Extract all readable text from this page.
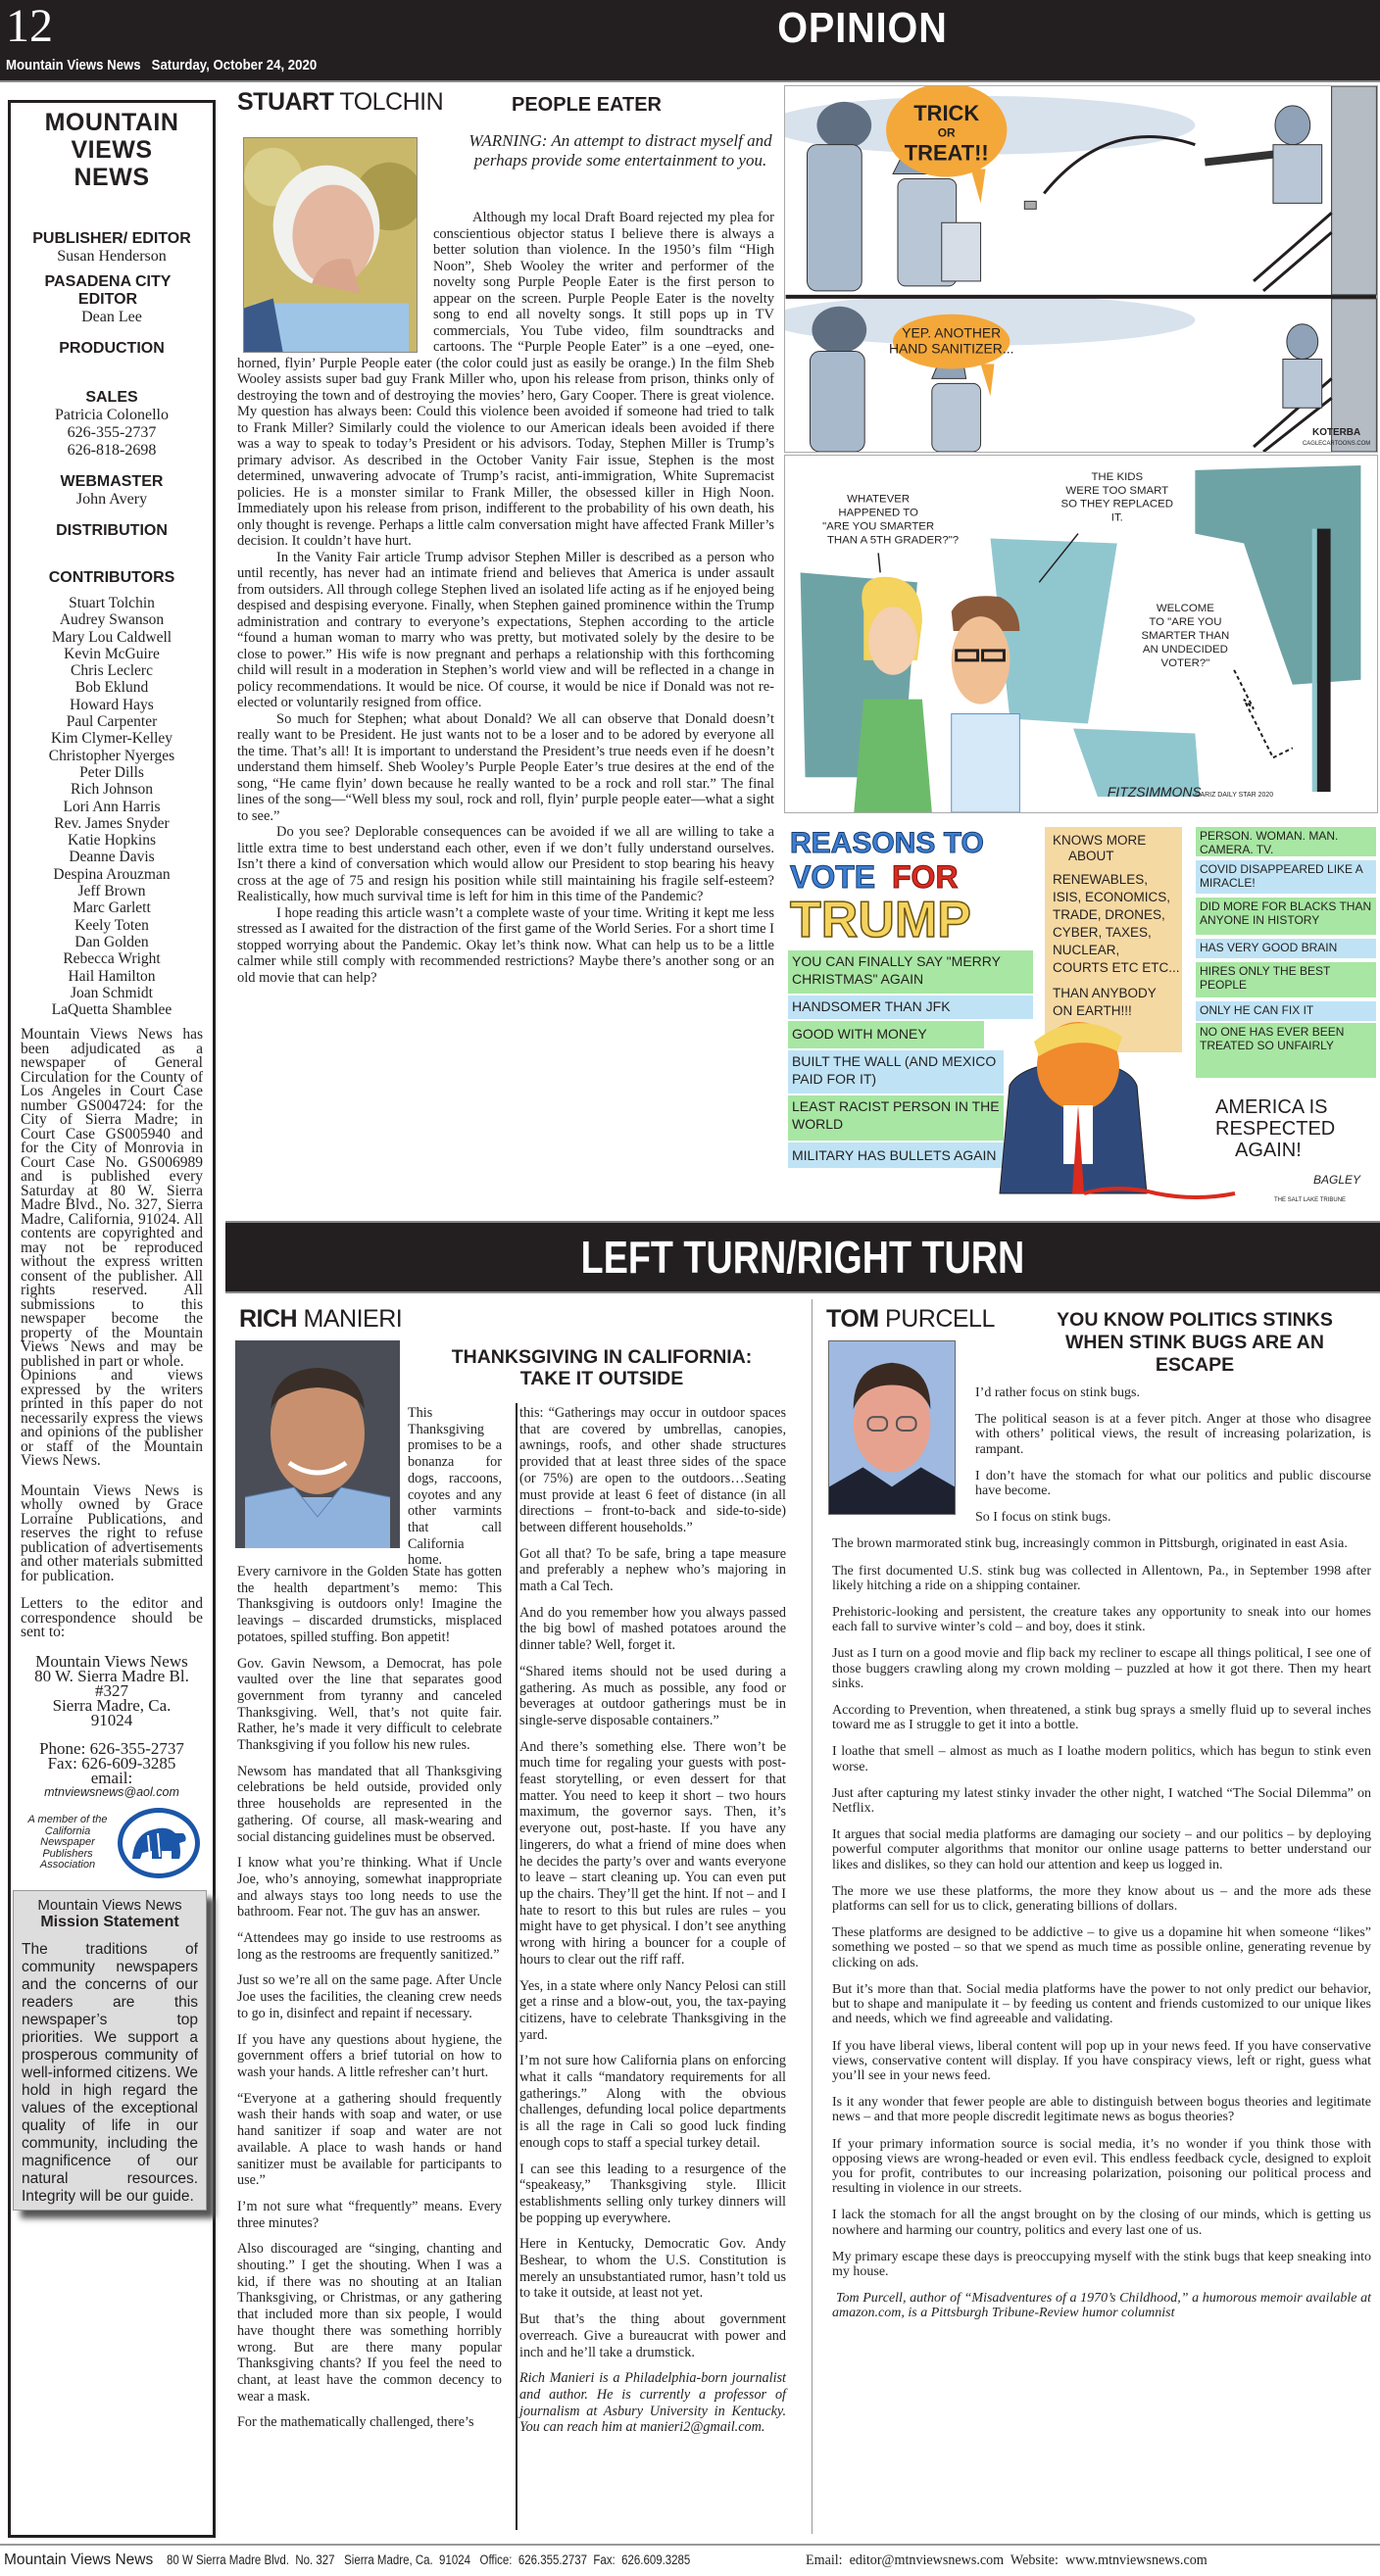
12
Mountain Views News   Saturday, October 24, 2020
OPINION
MOUNTAIN
VIEWS
NEWS
PUBLISHER/ EDITOR
Susan Henderson
PASADENA CITY EDITOR
Dean Lee
PRODUCTION
SALES
Patricia Colonello
626-355-2737
626-818-2698
WEBMASTER
John Avery
DISTRIBUTION
CONTRIBUTORS
Stuart Tolchin
Audrey Swanson
Mary Lou Caldwell
Kevin McGuire
Chris Leclerc
Bob Eklund
Howard Hays
Paul Carpenter
Kim Clymer-Kelley
Christopher Nyerges
Peter Dills
Rich Johnson
Lori Ann Harris
Rev. James Snyder
Katie Hopkins
Deanne Davis
Despina Arouzman
Jeff Brown
Marc Garlett
Keely Toten
Dan Golden
Rebecca Wright
Hail Hamilton
Joan Schmidt
LaQuetta Shamblee
Mountain Views News has been adjudicated as a newspaper of General Circulation for the County of Los Angeles in Court Case number GS004724: for the City of Sierra Madre; in Court Case GS005940 and for the City of Monrovia in Court Case No. GS006989 and is published every Saturday at 80 W. Sierra Madre Blvd., No. 327, Sierra Madre, California, 91024. All contents are copyrighted and may not be reproduced without the express written consent of the publisher. All rights reserved. All submissions to this newspaper become the property of the Mountain Views News and may be published in part or whole.
Opinions and views expressed by the writers printed in this paper do not necessarily express the views and opinions of the publisher or staff of the Mountain Views News.
Mountain Views News is wholly owned by Grace Lorraine Publications, and reserves the right to refuse publication of advertisements and other materials submitted for publication.
Letters to the editor and correspondence should be sent to:
Mountain Views News
80 W. Sierra Madre Bl.
#327
Sierra Madre, Ca.
91024
Phone: 626-355-2737
Fax: 626-609-3285
email:
mtnviewsnews@aol.com
A member of the California Newspaper Publishers Association
Mountain Views News
Mission Statement
The traditions of community newspapers and the concerns of our readers are this newspaper’s top priorities. We support a prosperous community of well-informed citizens. We hold in high regard the values of the exceptional quality of life in our community, including the magnificence of our natural resources. Integrity will be our guide.
STUART TOLCHIN	PEOPLE EATER
WARNING: An attempt to distract myself and perhaps provide some entertainment to you.

Although my local Draft Board rejected my plea for conscientious objector status I believe there is always a better solution than violence. In the 1950’s film “High Noon”, Sheb Wooley the writer and performer of the novelty song Purple People Eater is the first person to appear on the screen. Purple People Eater is the novelty song to end all novelty songs. It still pops up in TV commercials, You Tube video, film soundtracks and cartoons. The “Purple People Eater” is a one –eyed, one-horned, flyin’ Purple People eater (the color could just as easily be orange.) In the film Sheb Wooley assists super bad guy Frank Miller who, upon his release from prison, thinks only of destroying the town and of destroying the movies’ hero, Gary Cooper. There is great violence. My question has always been: Could this violence been avoided if someone had tried to talk to Frank Miller? Similarly could the violence to our American ideals been avoided if there was a way to speak to today’s President or his advisors. Today, Stephen Miller is Trump’s primary advisor. As described in the October Vanity Fair issue, Stephen is the most determined, unwavering advocate of Trump’s racist, anti-immigration, White Supremacist policies. He is a monster similar to Frank Miller, the obsessed killer in High Noon. Immediately upon his release from prison, indifferent to the probability of his own death, his only thought is revenge. Perhaps a little calm conversation might have affected Frank Miller’s decision. It couldn’t have hurt.

In the Vanity Fair article Trump advisor Stephen Miller is described as a person who until recently, has never had an intimate friend and believes that America is under assault from outsiders. All through college Stephen lived an isolated life acting as if he enjoyed being despised and despising everyone. Finally, when Stephen gained prominence within the Trump administration and contrary to everyone’s expectations, Stephen according to the article “found a human woman to marry who was pretty, but motivated solely by the desire to be close to power.” His wife is now pregnant and perhaps a relationship with this forthcoming child will result in a moderation in Stephen’s world view and will be reflected in a change in policy recommendations. It would be nice. Of course, it would be nice if Donald was not re-elected or voluntarily resigned from office.

So much for Stephen; what about Donald? We all can observe that Donald doesn’t really want to be President. He just wants not to be a loser and to be adored by everyone all the time. That’s all! It is important to understand the President’s true needs even if he doesn’t understand them himself. Sheb Wooley’s Purple People Eater’s true desires at the end of the song, “He came flyin’ down because he really wanted to be a rock and roll star.” The final lines of the song—“Well bless my soul, rock and roll, flyin’ purple people eater—what a sight to see.”

Do you see? Deplorable consequences can be avoided if we all are willing to take a little extra time to best understand each other, even if we don’t fully understand ourselves. Isn’t there a kind of conversation which would allow our President to stop bearing his heavy cross at the age of 75 and resign his position while still maintaining his fragile self-esteem? Realistically, how much survival time is left for him in this time of the Pandemic?

I hope reading this article wasn’t a complete waste of your time. Writing it kept me less stressed as I awaited for the distraction of the first game of the World Series. For a short time I stopped worrying about the Pandemic. Okay let’s think now. What can help us to be a little calmer while still comply with recommended restrictions? Maybe there’s another song or an old movie that can help?

TRICK
OR
TREAT!!
YEP. ANOTHER
HAND SANITIZER...
KOTERBA
CAGLECARTOONS.COM
WHATEVER
HAPPENED TO
"ARE YOU SMARTER
THAN A 5TH GRADER?"?
THE KIDS
WERE TOO SMART
SO THEY REPLACED
IT.
WELCOME
TO "ARE YOU
SMARTER THAN
AN UNDECIDED
VOTER?"
FITZSIMMONS
©ARIZ DAILY STAR 2020
REASONS TO
VOTE FOR
TRUMP
YOU CAN FINALLY SAY "MERRY CHRISTMAS" AGAIN
HANDSOMER THAN JFK
GOOD WITH MONEY
BUILT THE WALL (AND MEXICO PAID FOR IT)
LEAST RACIST PERSON IN THE WORLD
MILITARY HAS BULLETS AGAIN
KNOWS MORE
ABOUT
RENEWABLES,
ISIS, ECONOMICS,
TRADE, DRONES,
CYBER, TAXES,
NUCLEAR,
COURTS ETC ETC...
THAN ANYBODY
ON EARTH!!!
PERSON. WOMAN. MAN. CAMERA. TV.
COVID DISAPPEARED LIKE A MIRACLE!
DID MORE FOR BLACKS THAN ANYONE IN HISTORY
HAS VERY GOOD BRAIN
HIRES ONLY THE BEST PEOPLE
ONLY HE CAN FIX IT
NO ONE HAS EVER BEEN TREATED SO UNFAIRLY
AMERICA IS
RESPECTED
AGAIN!
BAGLEY
THE SALT LAKE TRIBUNE
LEFT TURN/RIGHT TURN
RICH MANIERI
THANKSGIVING IN CALIFORNIA:
TAKE IT OUTSIDE
This Thanksgiving promises to be a bonanza for dogs, raccoons, coyotes and any other varmints that call California home.

Every carnivore in the Golden State has gotten the health department’s memo: This Thanksgiving is outdoors only! Imagine the leavings – discarded drumsticks, misplaced potatoes, spilled stuffing. Bon appetit!

Gov. Gavin Newsom, a Democrat, has pole vaulted over the line that separates good government from tyranny and canceled Thanksgiving. Well, that’s not quite fair. Rather, he’s made it very difficult to celebrate Thanksgiving if you follow his new rules.

Newsom has mandated that all Thanksgiving celebrations be held outside, provided only three households are represented in the gathering. Of course, all mask-wearing and social distancing guidelines must be observed.

I know what you’re thinking. What if Uncle Joe, who’s annoying, somewhat inappropriate and always stays too long needs to use the bathroom. Fear not. The guv has an answer.

“Attendees may go inside to use restrooms as long as the restrooms are frequently sanitized.”

Just so we’re all on the same page. After Uncle Joe uses the facilities, the cleaning crew needs to go in, disinfect and repaint if necessary.

If you have any questions about hygiene, the government offers a brief tutorial on how to wash your hands. A little refresher can’t hurt.

“Everyone at a gathering should frequently wash their hands with soap and water, or use hand sanitizer if soap and water are not available. A place to wash hands or hand sanitizer must be available for participants to use.”

I’m not sure what “frequently” means. Every three minutes?

Also discouraged are “singing, chanting and shouting.” I get the shouting. When I was a kid, if there was no shouting at an Italian Thanksgiving, or Christmas, or any gathering that included more than six people, I would have thought there was something horribly wrong. But are there many popular Thanksgiving chants? If you feel the need to chant, at least have the common decency to wear a mask.

For the mathematically challenged, there’s

this: “Gatherings may occur in outdoor spaces that are covered by umbrellas, canopies, awnings, roofs, and other shade structures provided that at least three sides of the space (or 75%) are open to the outdoors…Seating must provide at least 6 feet of distance (in all directions – front-to-back and side-to-side) between different households.”

Got all that? To be safe, bring a tape measure and preferably a nephew who’s majoring in math a Cal Tech.

And do you remember how you always passed the big bowl of mashed potatoes around the dinner table? Well, forget it.

“Shared items should not be used during a gathering. As much as possible, any food or beverages at outdoor gatherings must be in single-serve disposable containers.”

And there’s something else. There won’t be much time for regaling your guests with post-feast storytelling, or even dessert for that matter. You need to keep it short – two hours maximum, the governor says. Then, it’s everyone out, post-haste. If you have any lingerers, do what a friend of mine does when he decides the party’s over and wants everyone to leave – start cleaning up. You can even put up the chairs. They’ll get the hint. If not – and I hate to resort to this but rules are rules – you might have to get physical. I don’t see anything wrong with hiring a bouncer for a couple of hours to clear out the riff raff.

Yes, in a state where only Nancy Pelosi can still get a rinse and a blow-out, you, the tax-paying citizens, have to celebrate Thanksgiving in the yard.

I’m not sure how California plans on enforcing what it calls “mandatory requirements for all gatherings.” Along with the obvious challenges, defunding local police departments is all the rage in Cali so good luck finding enough cops to staff a special turkey detail.

I can see this leading to a resurgence of the “speakeasy,” Thanksgiving style. Illicit establishments selling only turkey dinners will be popping up everywhere.

Here in Kentucky, Democratic Gov. Andy Beshear, to whom the U.S. Constitution is merely an unsubstantiated rumor, hasn’t told us to take it outside, at least not yet.

But that’s the thing about government overreach. Give a bureaucrat with power and inch and he’ll take a drumstick.

Rich Manieri is a Philadelphia-born journalist and author. He is currently a professor of journalism at Asbury University in Kentucky. You can reach him at manieri2@gmail.com.

TOM PURCELL	YOU KNOW POLITICS STINKS
WHEN STINK BUGS ARE AN
ESCAPE

I’d rather focus on stink bugs.

The political season is at a fever pitch. Anger at those who disagree with others’ political views, the result of increasing polarization, is rampant.

I don’t have the stomach for what our politics and public discourse have become.

So I focus on stink bugs.

The brown marmorated stink bug, increasingly common in Pittsburgh, originated in east Asia.

The first documented U.S. stink bug was collected in Allentown, Pa., in September 1998 after likely hitching a ride on a shipping container.

Prehistoric-looking and persistent, the creature takes any opportunity to sneak into our homes each fall to survive winter’s cold – and boy, does it stink.

Just as I turn on a good movie and flip back my recliner to escape all things political, I see one of those buggers crawling along my crown molding – puzzled at how it got there. Then my heart sinks.

According to Prevention, when threatened, a stink bug sprays a smelly fluid up to several inches toward me as I struggle to get it into a bottle.

I loathe that smell – almost as much as I loathe modern politics, which has begun to stink even worse.

Just after capturing my latest stinky invader the other night, I watched “The Social Dilemma” on Netflix.

It argues that social media platforms are damaging our society – and our politics – by deploying powerful computer algorithms that monitor our online usage patterns to better understand our likes and dislikes, so they can hold our attention and keep us logged in.

The more we use these platforms, the more they know about us – and the more ads these platforms can sell for us to click, generating billions of dollars.

These platforms are designed to be addictive – to give us a dopamine hit when someone “likes” something we posted – so that we spend as much time as possible online, generating revenue by clicking on ads.

But it’s more than that. Social media platforms have the power to not only predict our behavior, but to shape and manipulate it – by feeding us content and friends customized to our unique likes and needs, which we find agreeable and validating.

If you have liberal views, liberal content will pop up in your news feed. If you have conservative views, conservative content will display. If you have conspiracy views, left or right, guess what you’ll see in your news feed.

Is it any wonder that fewer people are able to distinguish between bogus theories and legitimate news – and that more people discredit legitimate news as bogus theories?

If your primary information source is social media, it’s no wonder if you think those with opposing views are wrong-headed or even evil. This endless feedback cycle, designed to exploit you for profit, contributes to our increasing polarization, poisoning our political process and resulting in violence in our streets.

I lack the stomach for all the angst brought on by the closing of our minds, which is getting us nowhere and harming our country, politics and every last one of us.

My primary escape these days is preoccupying myself with the stink bugs that keep sneaking into my house.

Tom Purcell, author of “Misadventures of a 1970’s Childhood,” a humorous memoir available at amazon.com, is a Pittsburgh Tribune-Review humor columnist

Mountain Views News 80 W Sierra Madre Blvd.  No. 327   Sierra Madre, Ca.  91024   Office:  626.355.2737  Fax:  626.609.3285	Email:  editor@mtnviewsnews.com  Website:  www.mtnviewsnews.com
